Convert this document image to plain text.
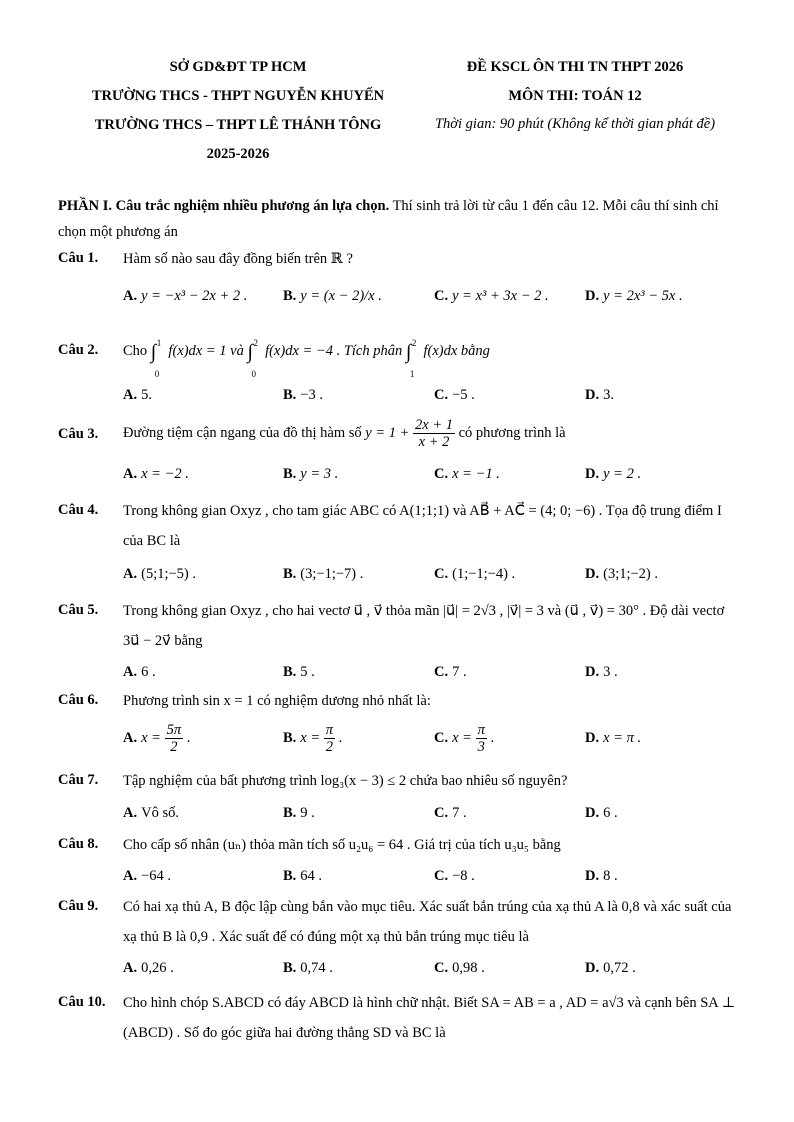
SỞ GD&ĐT TP HCM
TRƯỜNG THCS - THPT NGUYỄN KHUYẾN
TRƯỜNG THCS – THPT LÊ THÁNH TÔNG
2025-2026
ĐỀ KSCL ÔN THI TN THPT 2026
MÔN THI: TOÁN 12
Thời gian: 90 phút (Không kể thời gian phát đề)
PHẦN I. Câu trắc nghiệm nhiều phương án lựa chọn. Thí sinh trả lời từ câu 1 đến câu 12. Mỗi câu thí sinh chỉ chọn một phương án
Câu 1. Hàm số nào sau đây đồng biến trên ℝ ?
A. y = −x³ − 2x + 2 . B. y = (x − 2)/x .	C. y = x³ + 3x − 2 .	D. y = 2x³ − 5x .
Câu 2. Cho ∫ 1
0
f(x)dx = 1 và ∫ 2
0
f(x)dx = −4 . Tích phân ∫ 2
1
f(x)dx bằng
A. 5.	B. −3 .	C. −5 .	D. 3.
Câu 3. Đường tiệm cận ngang của đồ thị hàm số $y = 1 + \frac{2x + 1}{x + 2}$ có phương trình là
A. x = −2 .	B. y = 3 .	C. x = −1 .	D. y = 2 .
Câu 4. Trong không gian Oxyz , cho tam giác ABC có A(1;1;1) và AB⃗ + AC⃗ = (4; 0; −6) . Tọa độ trung điểm I của BC là
A. (5;1;−5) .	B. (3;−1;−7) .	C. (1;−1;−4) .	D. (3;1;−2) .
Câu 5. Trong không gian Oxyz , cho hai vectơ u⃗ , v⃗ thỏa mãn |u⃗| = 2√3 , |v⃗| = 3 và (u⃗ , v⃗) = 30° . Độ dài vectơ 3u⃗ − 2v⃗ bằng
A. 6 .	B. 5 .	C. 7 .	D. 3 .
Câu 6. Phương trình sin x = 1 có nghiệm dương nhỏ nhất là:
A. $x = \frac{5\pi}{2}$ .	B. $x = \frac{\pi}{2}$ .	C. $x = \frac{\pi}{3}$ .	D. x = π .
Câu 7. Tập nghiệm của bất phương trình log₃(x − 3) ≤ 2 chứa bao nhiêu số nguyên?
A. Vô số.	B. 9 .	C. 7 .	D. 6 .
Câu 8. Cho cấp số nhân (uₙ) thỏa mãn tích số u₂u₆ = 64 . Giá trị của tích u₃u₅ bằng
A. −64 .	B. 64 .	C. −8 .	D. 8 .
Câu 9. Có hai xạ thủ A, B độc lập cùng bắn vào mục tiêu. Xác suất bắn trúng của xạ thủ A là 0,8 và xác suất của xạ thủ B là 0,9 . Xác suất để có đúng một xạ thủ bắn trúng mục tiêu là
A. 0,26 .	B. 0,74 .	C. 0,98 .	D. 0,72 .
Câu 10. Cho hình chóp S.ABCD có đáy ABCD là hình chữ nhật. Biết SA = AB = a , AD = a√3 và cạnh bên SA ⊥ (ABCD) . Số đo góc giữa hai đường thẳng SD và BC là
